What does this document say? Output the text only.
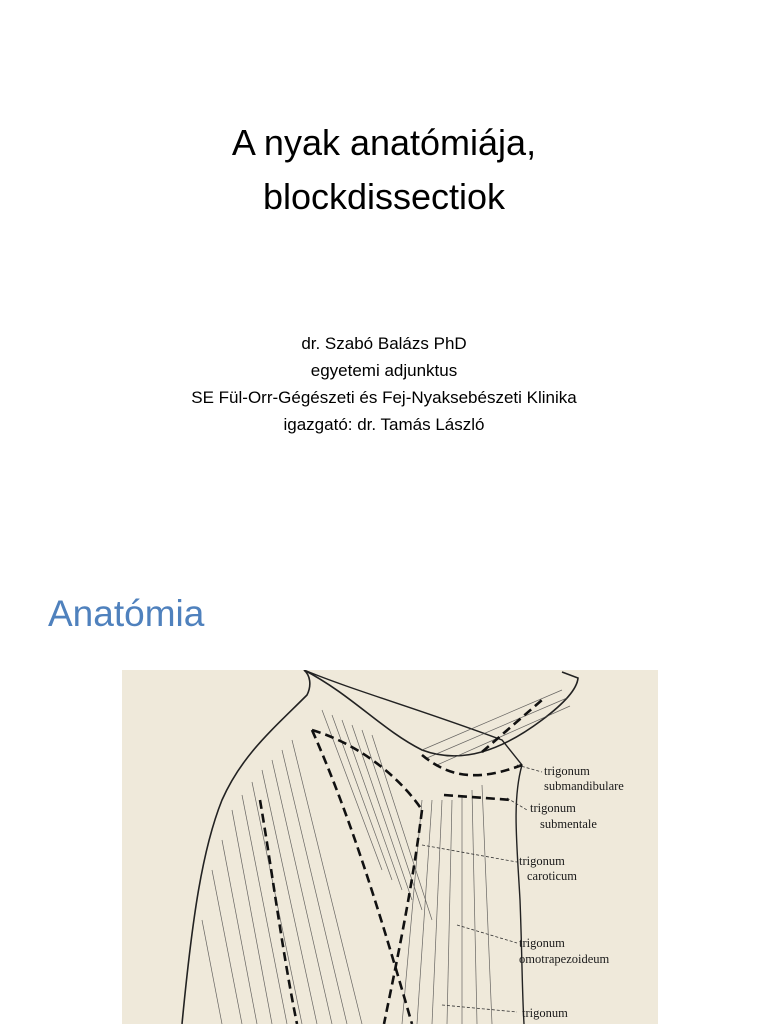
A nyak anatómiája,
blockdissectiok
dr. Szabó Balázs PhD
egyetemi adjunktus
SE Fül-Orr-Gégészeti és Fej-Nyaksebészeti Klinika
igazgató: dr. Tamás László
Anatómia
trigonum
submandibulare
trigonum
submentale
trigonum
caroticum
trigonum
omotrapezoideum
trigonum
